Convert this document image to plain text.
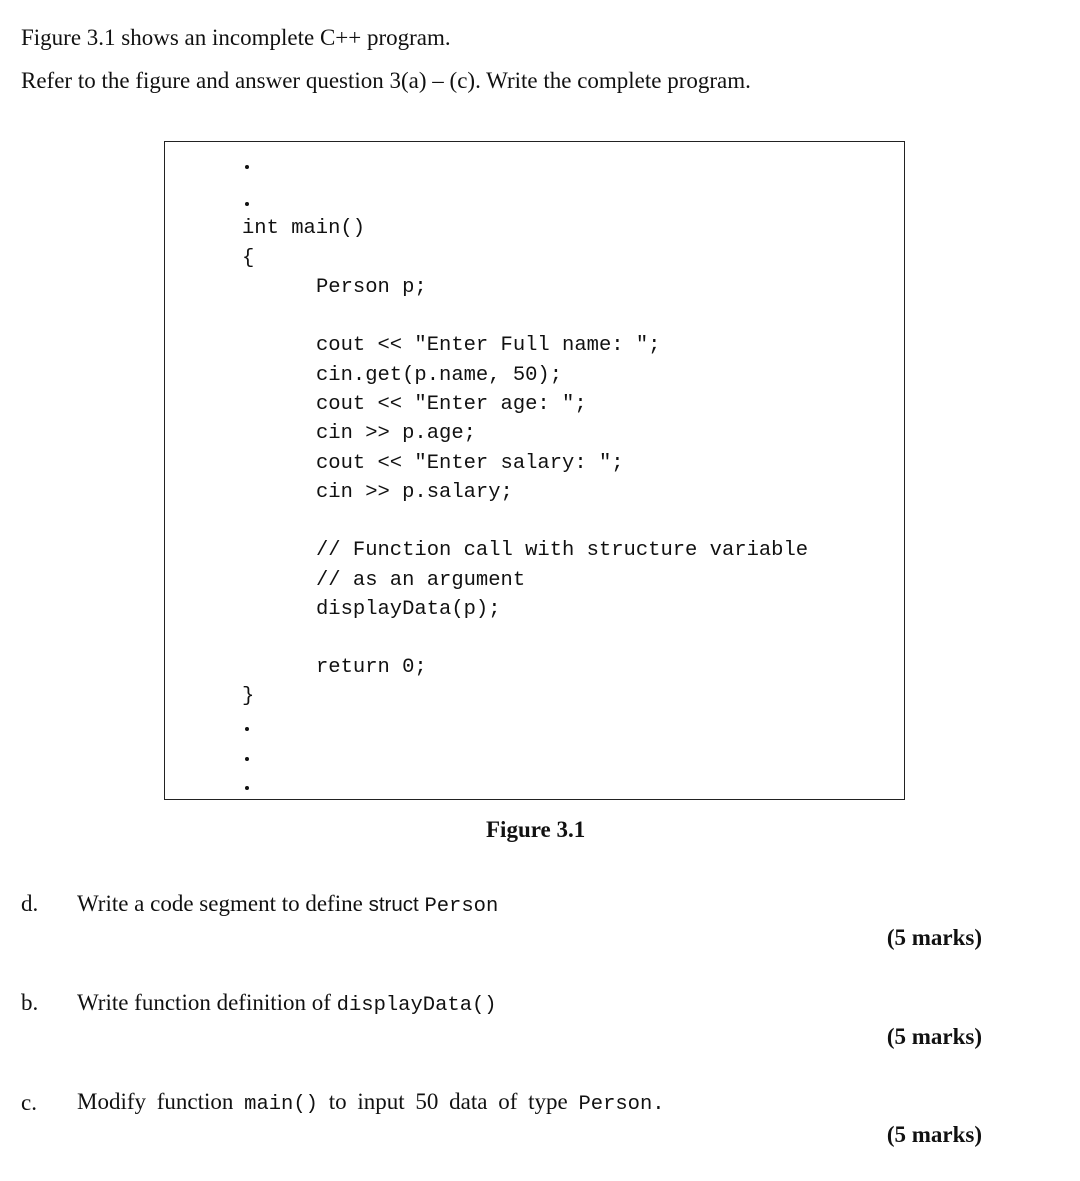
Figure 3.1 shows an incomplete C++ program.
Refer to the figure and answer question 3(a) – (c). Write the complete program.
int main()
{
Person p;
cout << "Enter Full name: ";
cin.get(p.name, 50);
cout << "Enter age: ";
cin >> p.age;
cout << "Enter salary: ";
cin >> p.salary;
// Function call with structure variable
// as an argument
displayData(p);
return 0;
}
Figure 3.1
d. Write a code segment to define struct Person
(5 marks)
b. Write function definition of displayData()
(5 marks)
c. Modify function main() to input 50 data of type Person.
(5 marks)
